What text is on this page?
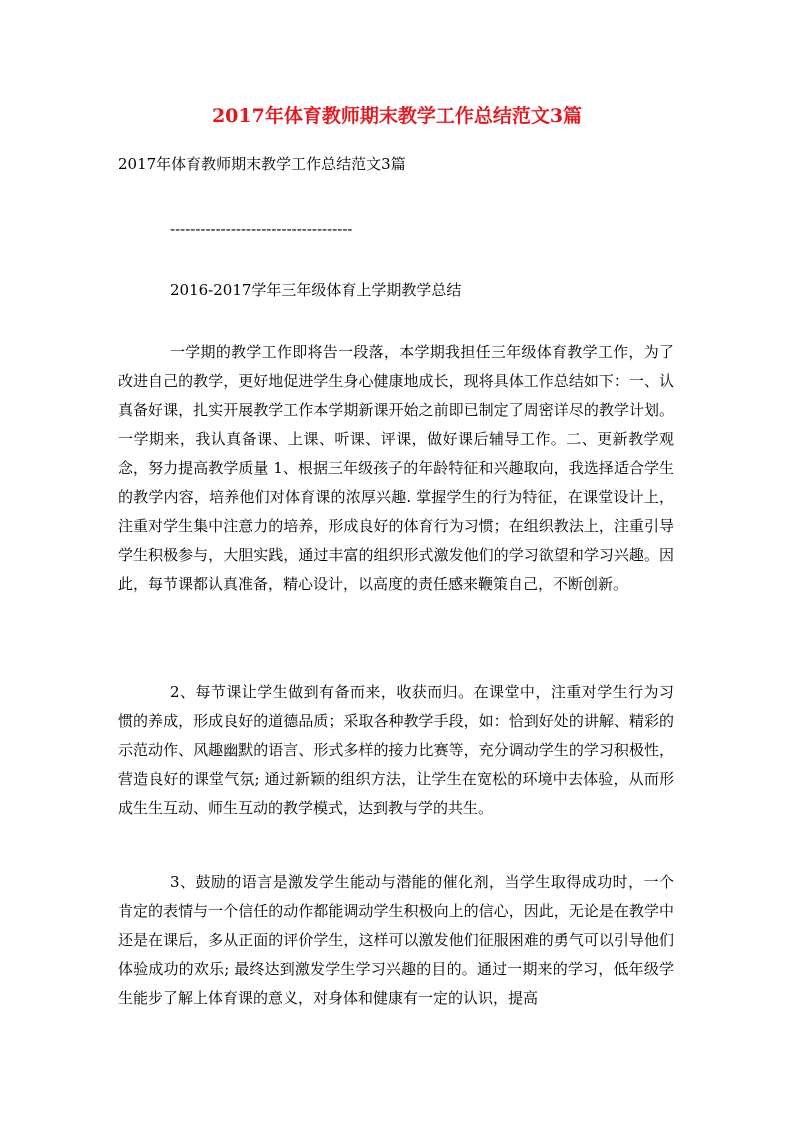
2017年体育教师期末教学工作总结范文3篇

2017年体育教师期末教学工作总结范文3篇

------------------------------------

2016-2017学年三年级体育上学期教学总结

一学期的教学工作即将告一段落，本学期我担任三年级体育教学工作，为了改进自己的教学，更好地促进学生身心健康地成长，现将具体工作总结如下：一、认真备好课，扎实开展教学工作本学期新课开始之前即已制定了周密详尽的教学计划。一学期来，我认真备课、上课、听课、评课，做好课后辅导工作。二、更新教学观念，努力提高教学质量 1、根据三年级孩子的年龄特征和兴趣取向，我选择适合学生的教学内容，培养他们对体育课的浓厚兴趣. 掌握学生的行为特征，在课堂设计上，注重对学生集中注意力的培养，形成良好的体育行为习惯；在组织教法上，注重引导学生积极参与，大胆实践，通过丰富的组织形式激发他们的学习欲望和学习兴趣。因此，每节课都认真准备，精心设计，以高度的责任感来鞭策自己，不断创新。

2、每节课让学生做到有备而来，收获而归。在课堂中，注重对学生行为习惯的养成，形成良好的道德品质；采取各种教学手段，如：恰到好处的讲解、精彩的示范动作、风趣幽默的语言、形式多样的接力比赛等，充分调动学生的学习积极性，营造良好的课堂气氛; 通过新颖的组织方法，让学生在宽松的环境中去体验，从而形成生生互动、师生互动的教学模式，达到教与学的共生。

3、鼓励的语言是激发学生能动与潜能的催化剂，当学生取得成功时，一个肯定的表情与一个信任的动作都能调动学生积极向上的信心，因此，无论是在教学中还是在课后，多从正面的评价学生，这样可以激发他们征服困难的勇气可以引导他们体验成功的欢乐; 最终达到激发学生学习兴趣的目的。通过一期来的学习，低年级学生能步了解上体育课的意义，对身体和健康有一定的认识，提高
